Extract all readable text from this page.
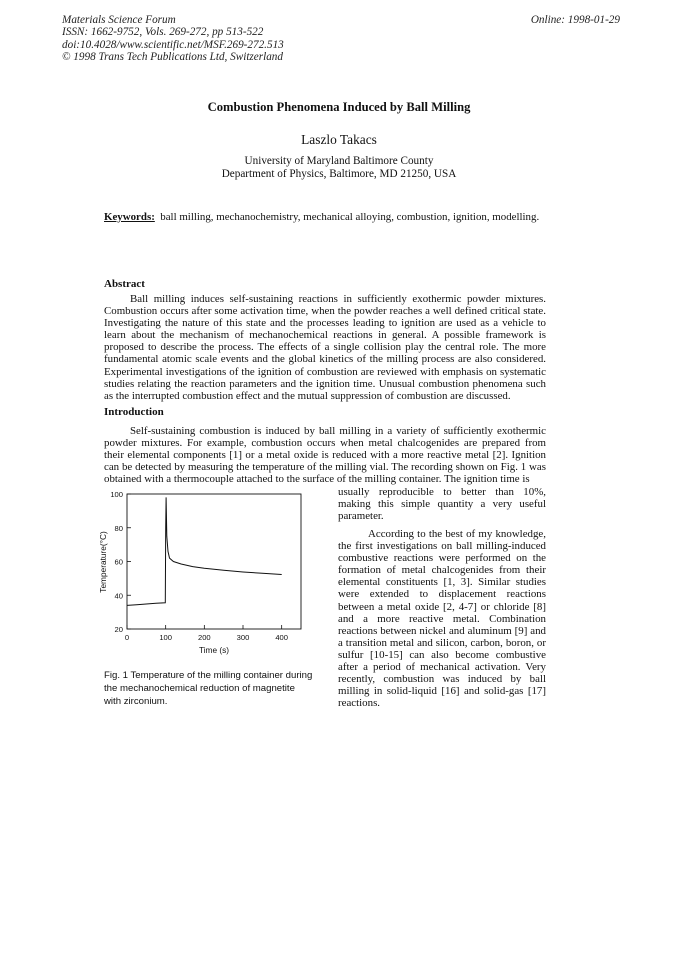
Materials Science Forum
ISSN: 1662-9752, Vols. 269-272, pp 513-522
doi:10.4028/www.scientific.net/MSF.269-272.513
© 1998 Trans Tech Publications Ltd, Switzerland
Online: 1998-01-29
Combustion Phenomena Induced by Ball Milling
Laszlo Takacs
University of Maryland Baltimore County
Department of Physics, Baltimore, MD 21250, USA
Keywords: ball milling, mechanochemistry, mechanical alloying, combustion, ignition, modelling.
Abstract

Ball milling induces self-sustaining reactions in sufficiently exothermic powder mixtures. Combustion occurs after some activation time, when the powder reaches a well defined critical state. Investigating the nature of this state and the processes leading to ignition are used as a vehicle to learn about the mechanism of mechanochemical reactions in general. A possible framework is proposed to describe the process. The effects of a single collision play the central role. The more fundamental atomic scale events and the global kinetics of the milling process are also considered. Experimental investigations of the ignition of combustion are reviewed with emphasis on systematic studies relating the reaction parameters and the ignition time. Unusual combustion phenomena such as the interrupted combustion effect and the mutual suppression of combustion are discussed.

Introduction

Self-sustaining combustion is induced by ball milling in a variety of sufficiently exothermic powder mixtures. For example, combustion occurs when metal chalcogenides are prepared from their elemental components [1] or a metal oxide is reduced with a more reactive metal [2]. Ignition can be detected by measuring the temperature of the milling vial. The recording shown on Fig. 1 was obtained with a thermocouple attached to the surface of the milling container. The ignition time is

usually reproducible to better than 10%, making this simple quantity a very useful parameter.

According to the best of my knowledge, the first investigations on ball milling-induced combustive reactions were performed on the formation of metal chalcogenides from their elemental constituents [1, 3]. Similar studies were extended to displacement reactions between a metal oxide [2, 4-7] or chloride [8] and a more reactive metal. Combination reactions between nickel and aluminum [9] and a transition metal and silicon, carbon, boron, or sulfur [10-15] can also become combustive after a period of mechanical activation. Very recently, combustion was induced by ball milling in solid-liquid [16] and solid-gas [17] reactions.

20
40
60
80
100
0	100	200	300	400
Time (s)
Temperature(°C)
Fig. 1 Temperature of the milling container during the mechanochemical reduction of magnetite with zirconium.
